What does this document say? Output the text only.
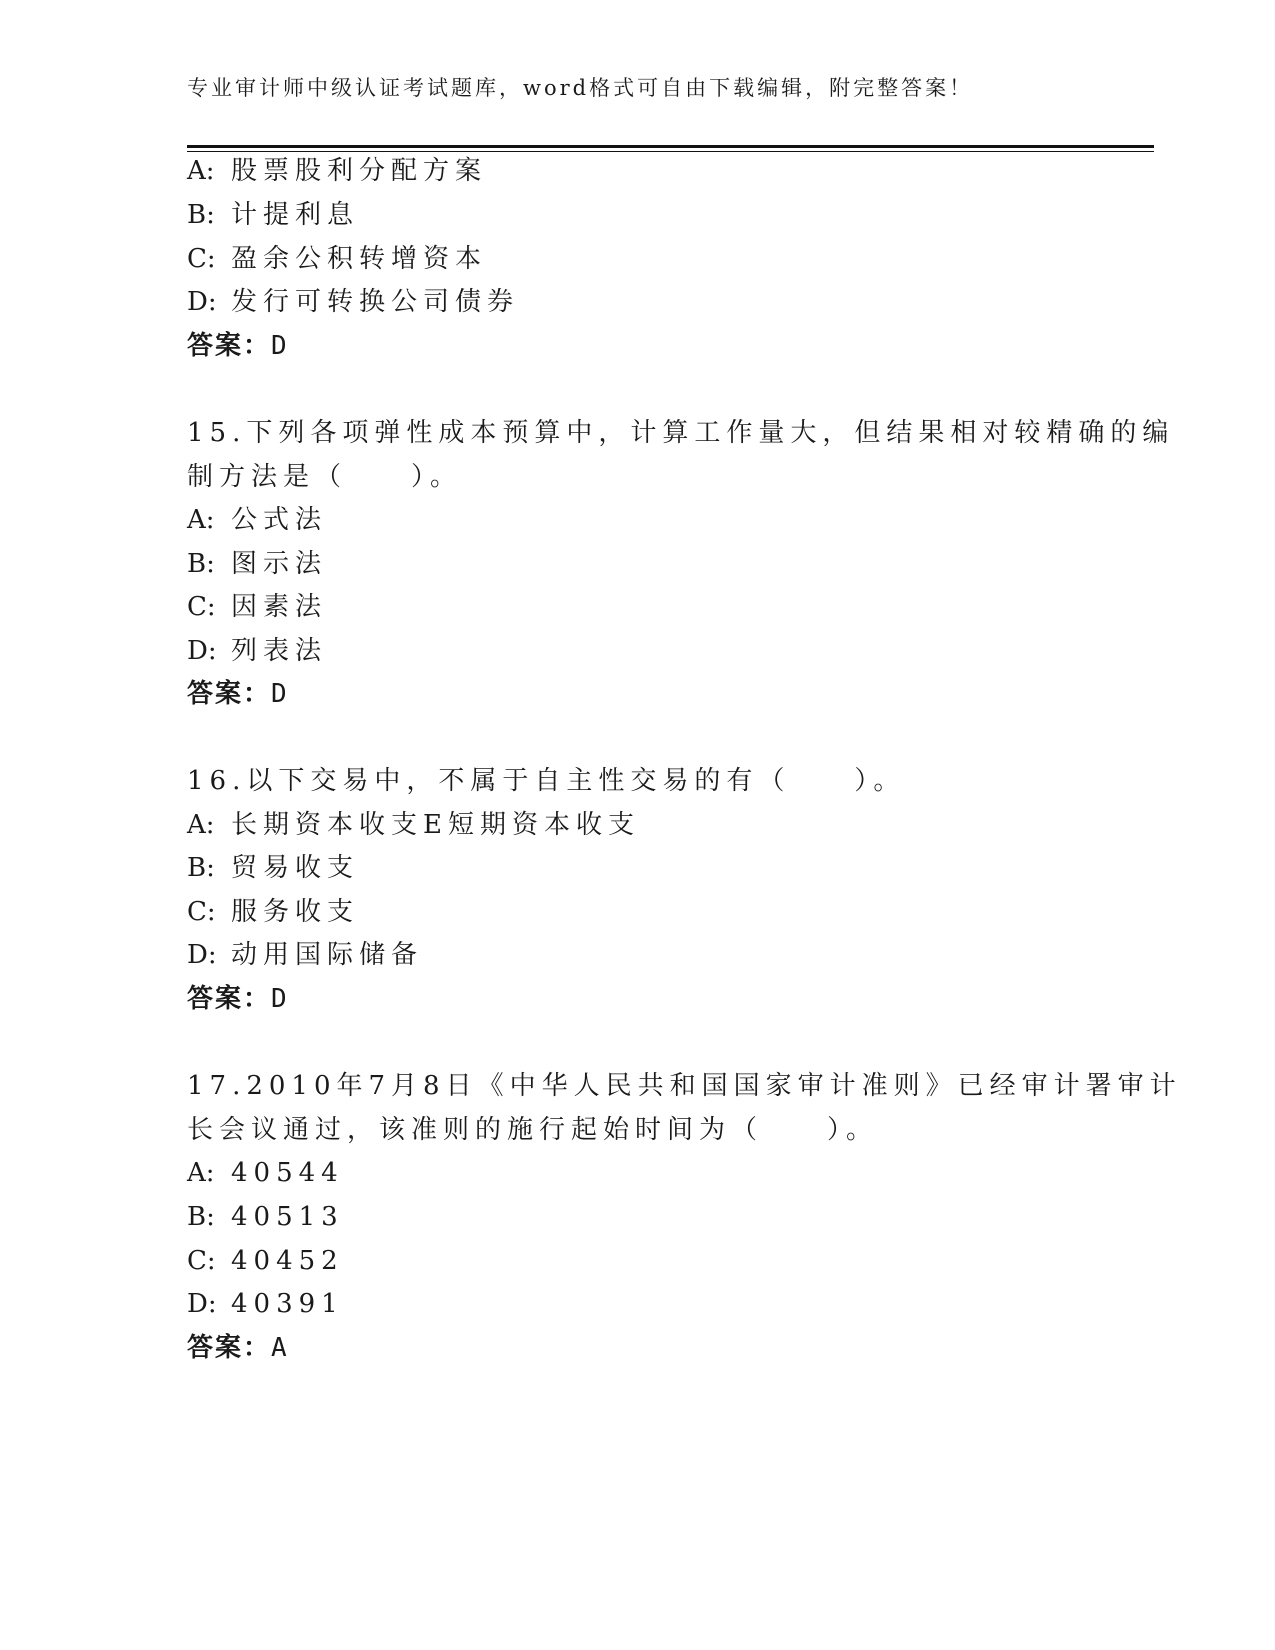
专业审计师中级认证考试题库，word格式可自由下载编辑，附完整答案！
A: 股票股利分配方案
B: 计提利息
C: 盈余公积转增资本
D: 发行可转换公司债券
答案：D
15.下列各项弹性成本预算中，计算工作量大，但结果相对较精确的编
制方法是（　　）。
A: 公式法
B: 图示法
C: 因素法
D: 列表法
答案：D
16.以下交易中，不属于自主性交易的有（　　）。
A: 长期资本收支E短期资本收支
B: 贸易收支
C: 服务收支
D: 动用国际储备
答案：D
17.2010年7月8日《中华人民共和国国家审计准则》已经审计署审计
长会议通过，该准则的施行起始时间为（　　）。
A: 40544
B: 40513
C: 40452
D: 40391
答案：A
